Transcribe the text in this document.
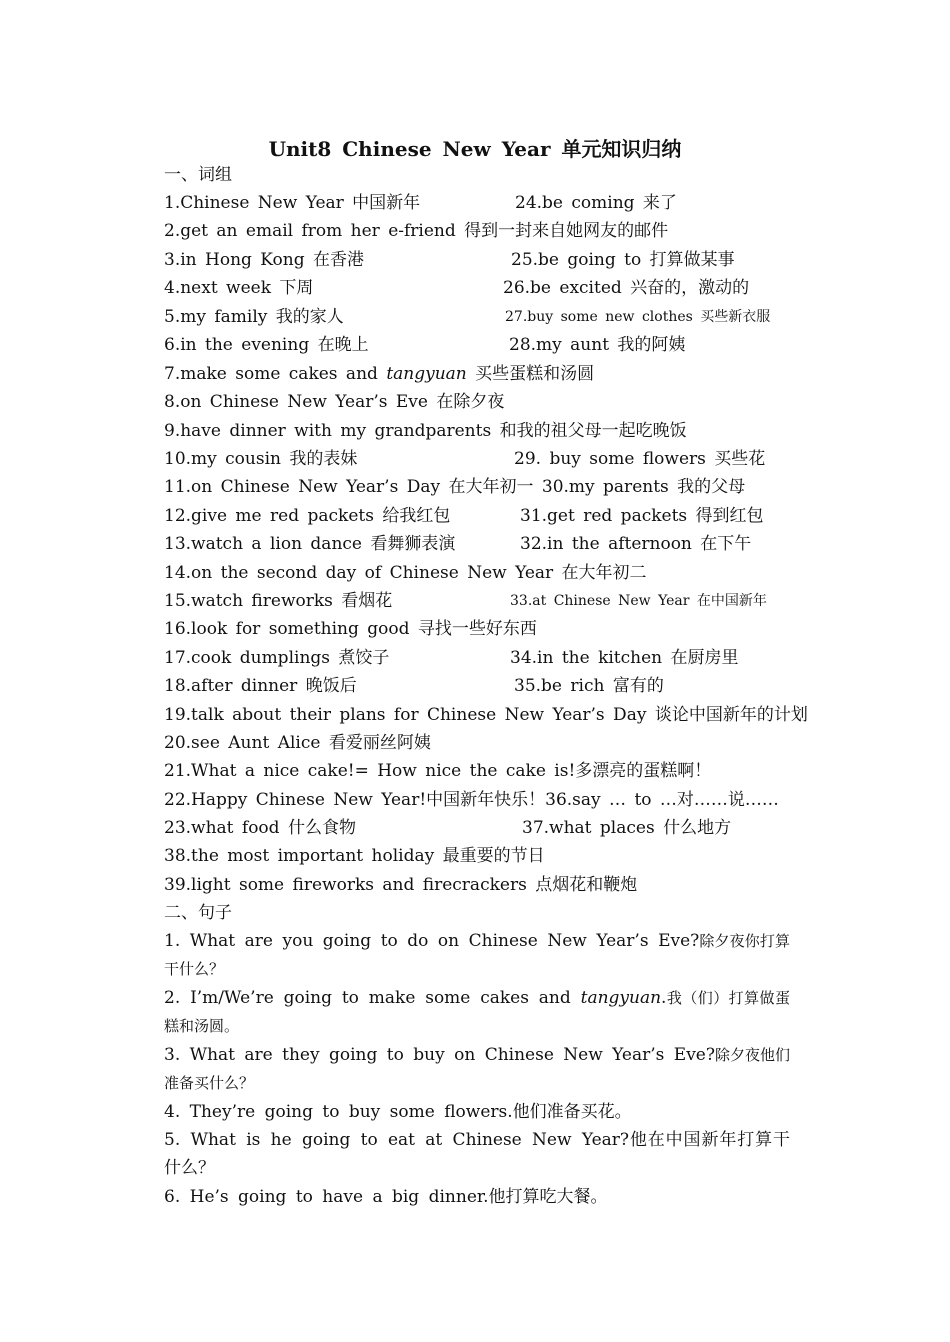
Unit8 Chinese New Year 单元知识归纳
一、词组
1.Chinese New Year 中国新年	24.be coming 来了
2.get an email from her e-friend 得到一封来自她网友的邮件
3.in Hong Kong 在香港	25.be going to 打算做某事
4.next week 下周	26.be excited 兴奋的，激动的
5.my family 我的家人	27.buy some new clothes 买些新衣服
6.in the evening 在晚上	28.my aunt 我的阿姨
7.make some cakes and tangyuan 买些蛋糕和汤圆
8.on Chinese New Year’s Eve 在除夕夜
9.have dinner with my grandparents 和我的祖父母一起吃晚饭
10.my cousin 我的表妹	29. buy some flowers 买些花
11.on Chinese New Year’s Day 在大年初一 30.my parents 我的父母
12.give me red packets 给我红包	31.get red packets 得到红包
13.watch a lion dance 看舞狮表演	32.in the afternoon 在下午
14.on the second day of Chinese New Year 在大年初二
15.watch fireworks 看烟花	33.at Chinese New Year 在中国新年
16.look for something good 寻找一些好东西
17.cook dumplings 煮饺子	34.in the kitchen 在厨房里
18.after dinner 晚饭后	35.be rich 富有的
19.talk about their plans for Chinese New Year’s Day 谈论中国新年的计划
20.see Aunt Alice 看爱丽丝阿姨
21.What a nice cake!= How nice the cake is!多漂亮的蛋糕啊！
22.Happy Chinese New Year!中国新年快乐！36.say … to …对……说……
23.what food 什么食物	37.what places 什么地方
38.the most important holiday 最重要的节日
39.light some fireworks and firecrackers 点烟花和鞭炮
二、句子
1. What are you going to do on Chinese New Year’s Eve?除夕夜你打算干什么？
2. I’m/We’re going to make some cakes and tangyuan.我（们）打算做蛋糕和汤圆。
3. What are they going to buy on Chinese New Year’s Eve?除夕夜他们准备买什么？
4. They’re going to buy some flowers.他们准备买花。
5. What is he going to eat at Chinese New Year?他在中国新年打算干什么？
6. He’s going to have a big dinner.他打算吃大餐。
